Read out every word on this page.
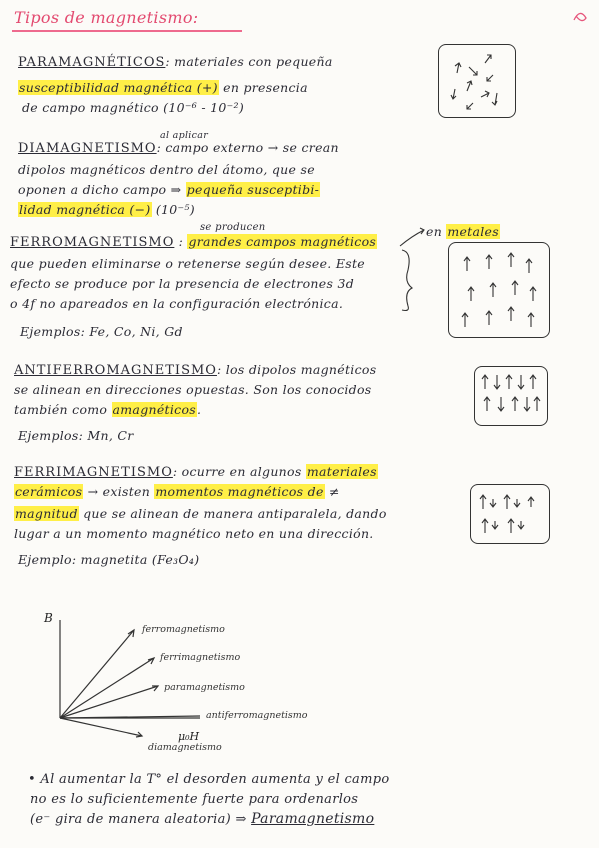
Tipos de magnetismo:
PARAMAGNÉTICOS: materiales con pequeña
susceptibilidad magnética (+) en presencia
de campo magnético (10⁻⁶ - 10⁻²)
al aplicar
DIAMAGNETISMO: campo externo → se crean
dipolos magnéticos dentro del átomo, que se
oponen a dicho campo ⇒ pequeña susceptibi-
lidad magnética (−) (10⁻⁵)
se producen
FERROMAGNETISMO : grandes campos magnéticos
en metales
que pueden eliminarse o retenerse según desee. Este
efecto se produce por la presencia de electrones 3d
o 4f no apareados en la configuración electrónica.
Ejemplos: Fe, Co, Ni, Gd
ANTIFERROMAGNETISMO: los dipolos magnéticos
se alinean en direcciones opuestas. Son los conocidos
también como amagnéticos.
Ejemplos: Mn, Cr
FERRIMAGNETISMO: ocurre en algunos materiales
cerámicos → existen momentos magnéticos de ≠
magnitud que se alinean de manera antiparalela, dando
lugar a un momento magnético neto en una dirección.
Ejemplo: magnetita (Fe₃O₄)
B
μ₀H
ferromagnetismo
ferrimagnetismo
paramagnetismo
antiferromagnetismo
diamagnetismo
• Al aumentar la T° el desorden aumenta y el campo
no es lo suficientemente fuerte para ordenarlos
(e⁻ gira de manera aleatoria) ⇒ Paramagnetismo
